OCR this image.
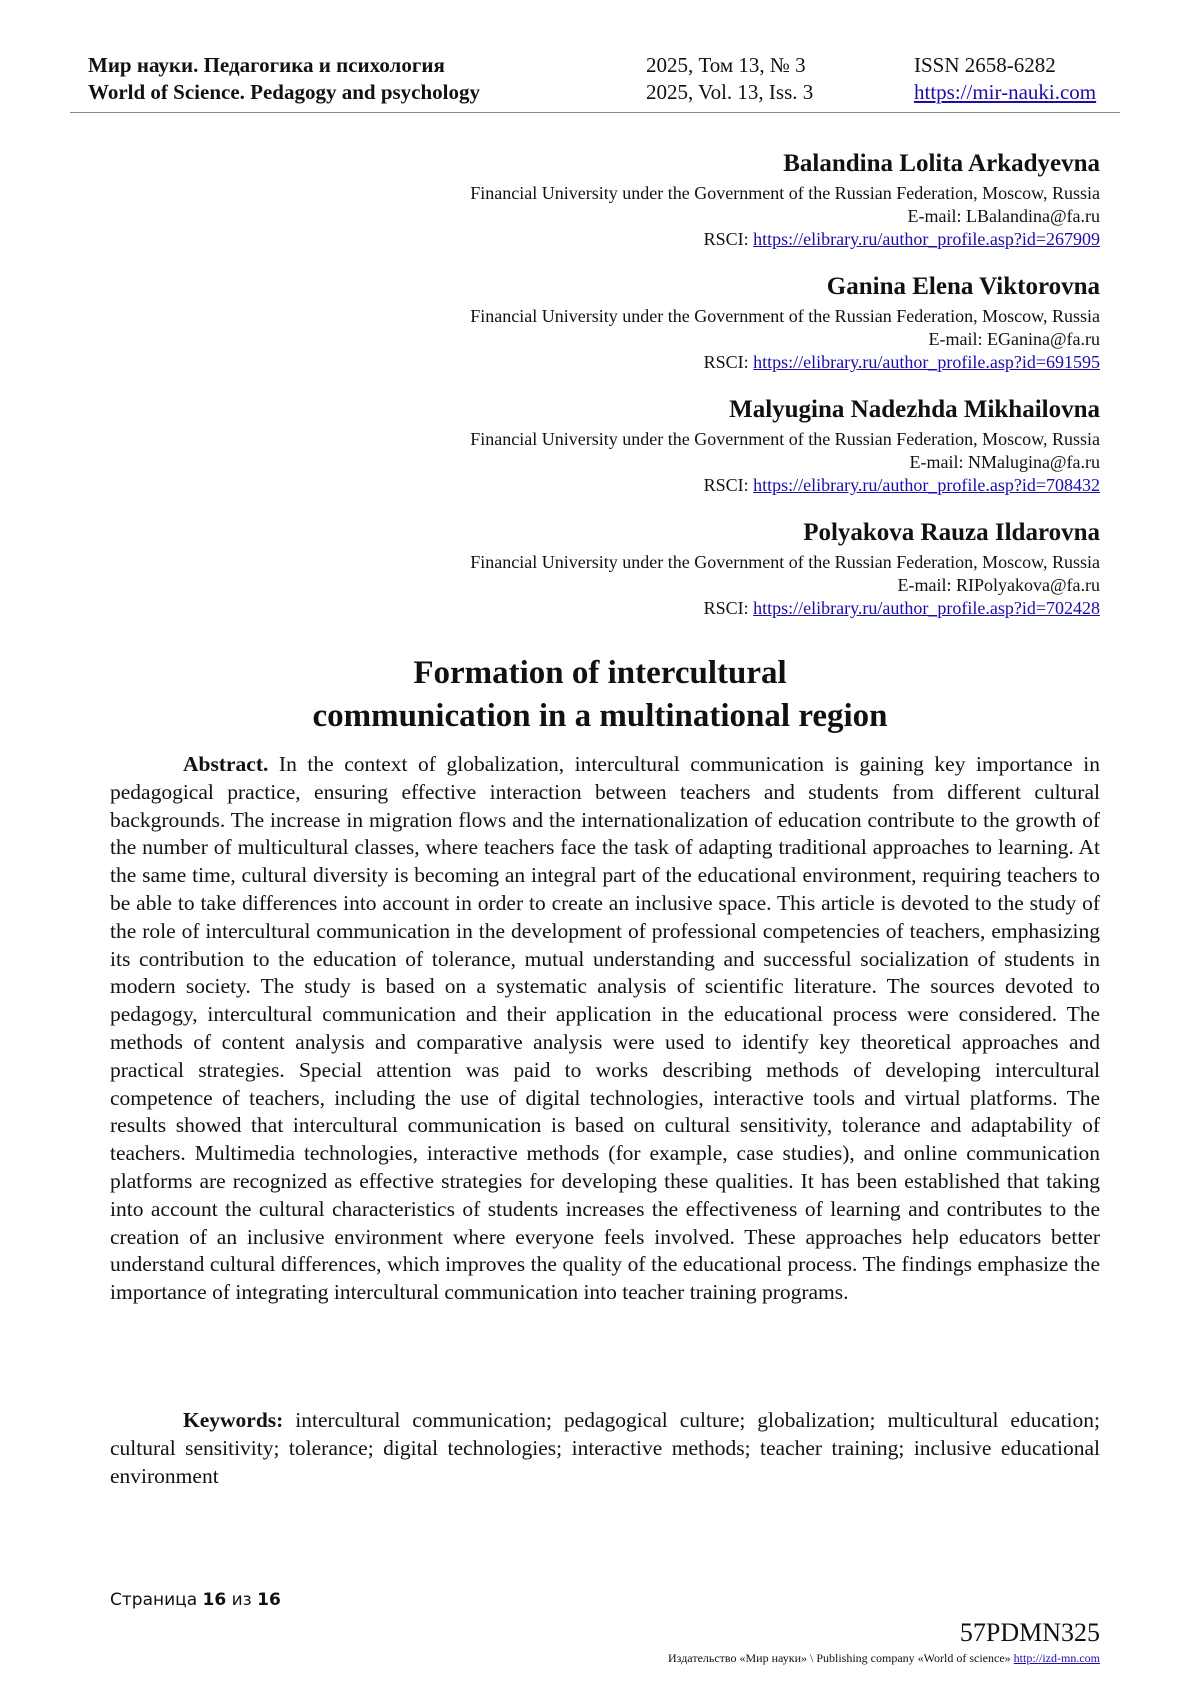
Мир науки. Педагогика и психология
World of Science. Pedagogy and psychology
2025, Том 13, № 3
2025, Vol. 13, Iss. 3
ISSN 2658-6282
https://mir-nauki.com
Balandina Lolita Arkadyevna
Financial University under the Government of the Russian Federation, Moscow, Russia
E-mail: LBalandina@fa.ru
RSCI: https://elibrary.ru/author_profile.asp?id=267909
Ganina Elena Viktorovna
Financial University under the Government of the Russian Federation, Moscow, Russia
E-mail: EGanina@fa.ru
RSCI: https://elibrary.ru/author_profile.asp?id=691595
Malyugina Nadezhda Mikhailovna
Financial University under the Government of the Russian Federation, Moscow, Russia
E-mail: NMalugina@fa.ru
RSCI: https://elibrary.ru/author_profile.asp?id=708432
Polyakova Rauza Ildarovna
Financial University under the Government of the Russian Federation, Moscow, Russia
E-mail: RIPolyakova@fa.ru
RSCI: https://elibrary.ru/author_profile.asp?id=702428
Formation of intercultural
communication in a multinational region

Abstract. In the context of globalization, intercultural communication is gaining key importance in pedagogical practice, ensuring effective interaction between teachers and students from different cultural backgrounds. The increase in migration flows and the internationalization of education contribute to the growth of the number of multicultural classes, where teachers face the task of adapting traditional approaches to learning. At the same time, cultural diversity is becoming an integral part of the educational environment, requiring teachers to be able to take differences into account in order to create an inclusive space. This article is devoted to the study of the role of intercultural communication in the development of professional competencies of teachers, emphasizing its contribution to the education of tolerance, mutual understanding and successful socialization of students in modern society. The study is based on a systematic analysis of scientific literature. The sources devoted to pedagogy, intercultural communication and their application in the educational process were considered. The methods of content analysis and comparative analysis were used to identify key theoretical approaches and practical strategies. Special attention was paid to works describing methods of developing intercultural competence of teachers, including the use of digital technologies, interactive tools and virtual platforms. The results showed that intercultural communication is based on cultural sensitivity, tolerance and adaptability of teachers. Multimedia technologies, interactive methods (for example, case studies), and online communication platforms are recognized as effective strategies for developing these qualities. It has been established that taking into account the cultural characteristics of students increases the effectiveness of learning and contributes to the creation of an inclusive environment where everyone feels involved. These approaches help educators better understand cultural differences, which improves the quality of the educational process. The findings emphasize the importance of integrating intercultural communication into teacher training programs.

Keywords: intercultural communication; pedagogical culture; globalization; multicultural education; cultural sensitivity; tolerance; digital technologies; interactive methods; teacher training; inclusive educational environment

Страница 16 из 16
57PDMN325
Издательство «Мир науки» \ Publishing company «World of science» http://izd-mn.com
